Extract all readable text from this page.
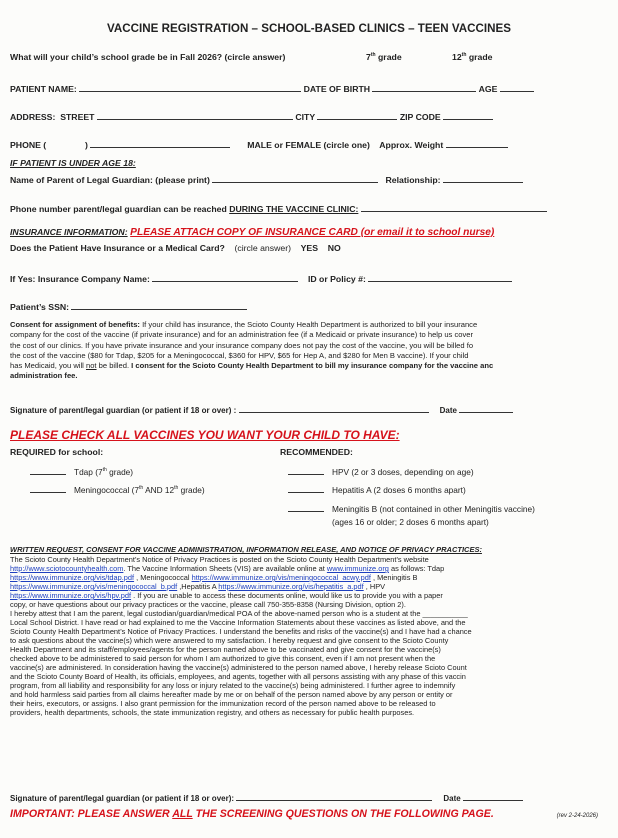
VACCINE REGISTRATION – SCHOOL-BASED CLINICS – TEEN VACCINES
What will your child’s school grade be in Fall 2026? (circle answer)	7th grade	12th grade
PATIENT NAME:	DATE OF BIRTH	AGE
ADDRESS: STREET	CITY	ZIP CODE
PHONE (	)	MALE or FEMALE (circle one) Approx. Weight
IF PATIENT IS UNDER AGE 18:
Name of Parent of Legal Guardian: (please print)	Relationship:
Phone number parent/legal guardian can be reached DURING THE VACCINE CLINIC:
INSURANCE INFORMATION: PLEASE ATTACH COPY OF INSURANCE CARD (or email it to school nurse)
Does the Patient Have Insurance or a Medical Card? (circle answer) YES NO
If Yes: Insurance Company Name:	ID or Policy #:
Patient’s SSN:
Consent for assignment of benefits: If your child has insurance, the Scioto County Health Department is authorized to bill your insurance
company for the cost of the vaccine (if private insurance) and for an administration fee (if a Medicaid or private insurance) to help us cover
the cost of our clinics. If you have private insurance and your insurance company does not pay the cost of the vaccine, you will be billed fo
the cost of the vaccine ($80 for Tdap, $205 for a Meningococcal, $360 for HPV, $65 for Hep A, and $280 for Men B vaccine). If your child
has Medicaid, you will not be billed. I consent for the Scioto County Health Department to bill my insurance company for the vaccine anc
administration fee.
Signature of parent/legal guardian (or patient if 18 or over) :	Date
PLEASE CHECK ALL VACCINES YOU WANT YOUR CHILD TO HAVE:
REQUIRED for school:	RECOMMENDED:
Tdap (7th grade)
Meningococcal (7th AND 12th grade)
HPV (2 or 3 doses, depending on age)
Hepatitis A (2 doses 6 months apart)
Meningitis B (not contained in other Meningitis vaccine)
(ages 16 or older; 2 doses 6 months apart)
WRITTEN REQUEST, CONSENT FOR VACCINE ADMINISTRATION, INFORMATION RELEASE, AND NOTICE OF PRIVACY PRACTICES:
The Scioto County Health Department’s Notice of Privacy Practices is posted on the Scioto County Health Department’s website
http://www.sciotocountyhealth.com. The Vaccine Information Sheets (VIS) are available online at www.immunize.org as follows: Tdap
https://www.immunize.org/vis/tdap.pdf , Meningococcal https://www.immunize.org/vis/meningococcal_acwy.pdf , Meningitis B
https://www.immunize.org/vis/meningococcal_b.pdf ,Hepatitis A https://www.immunize.org/vis/hepatitis_a.pdf , HPV
https://www.immunize.org/vis/hpv.pdf . If you are unable to access these documents online, would like us to provide you with a paper
copy, or have questions about our privacy practices or the vaccine, please call 750-355-8358 (Nursing Division, option 2).
I hereby attest that I am the parent, legal custodian/guardian/medical POA of the above-named person who is a student at the ___________
Local School District. I have read or had explained to me the Vaccine Information Statements about these vaccines as listed above, and the
Scioto County Health Department’s Notice of Privacy Practices. I understand the benefits and risks of the vaccine(s) and I have had a chance
to ask questions about the vaccine(s) which were answered to my satisfaction. I hereby request and give consent to the Scioto County
Health Department and its staff/employees/agents for the person named above to be vaccinated and give consent for the vaccine(s)
checked above to be administered to said person for whom I am authorized to give this consent, even if I am not present when the
vaccine(s) are administered. In consideration having the vaccine(s) administered to the person named above, I hereby release Scioto Count
and the Scioto County Board of Health, its officials, employees, and agents, together with all persons assisting with any phase of this vaccin
program, from all liability and responsibility for any loss or injury related to the vaccine(s) being administered. I further agree to indemnify
and hold harmless said parties from all claims hereafter made by me or on behalf of the person named above by any person or entity or
their heirs, executors, or assigns. I also grant permission for the immunization record of the person named above to be released to
providers, health departments, schools, the state immunization registry, and others as necessary for public health purposes.
Signature of parent/legal guardian (or patient if 18 or over):	Date
IMPORTANT: PLEASE ANSWER ALL THE SCREENING QUESTIONS ON THE FOLLOWING PAGE.	(rev 2-24-2026)
